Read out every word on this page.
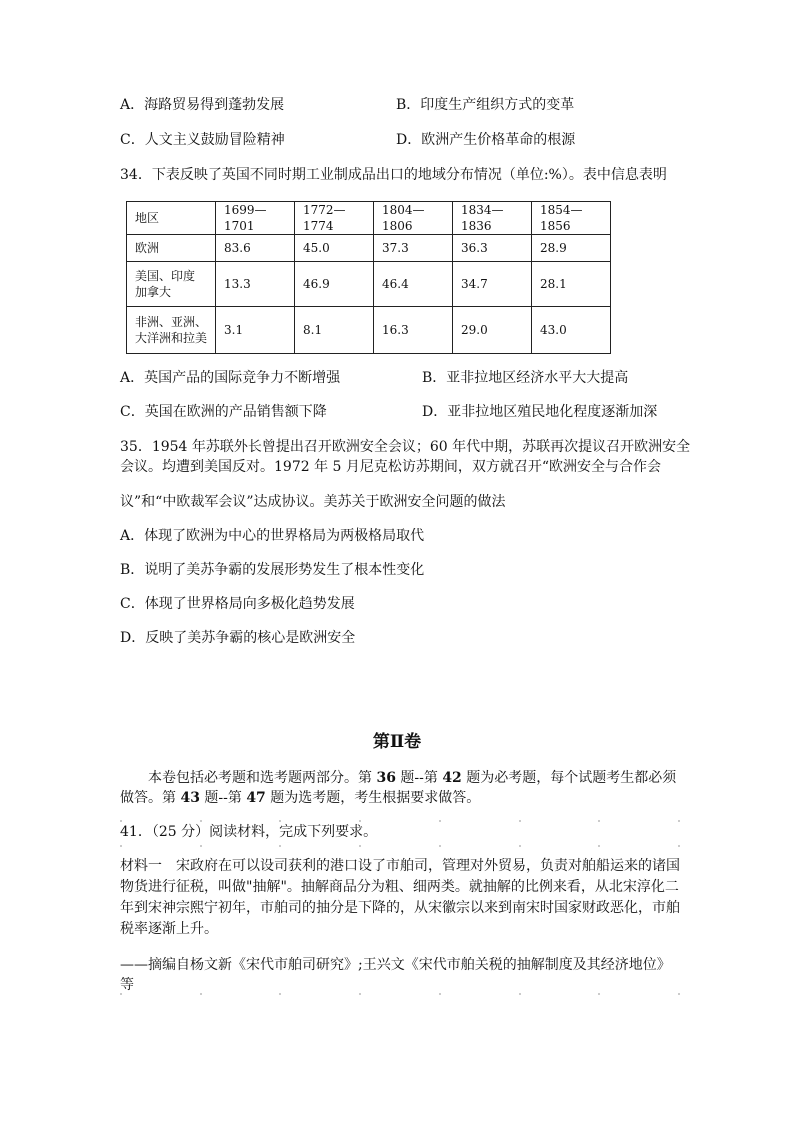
A．海路贸易得到蓬勃发展	B．印度生产组织方式的变革
C．人文主义鼓励冒险精神	D．欧洲产生价格革命的根源
34．下表反映了英国不同时期工业制成品出口的地域分布情况（单位:%）。表中信息表明
地区	1699—1701	1772—1774	1804—1806	1834—1836	1854—1856
欧洲	83.6	45.0	37.3	36.3	28.9

美国、印度
加拿大	13.3	46.9	46.4	34.7	28.1

非洲、亚洲、
大洋洲和拉美	3.1	8.1	16.3	29.0	43.0
A．英国产品的国际竞争力不断增强	B．亚非拉地区经济水平大大提高
C．英国在欧洲的产品销售额下降	D．亚非拉地区殖民地化程度逐渐加深
35．1954 年苏联外长曾提出召开欧洲安全会议；60 年代中期，苏联再次提议召开欧洲安全
会议。均遭到美国反对。1972 年 5 月尼克松访苏期间，双方就召开“欧洲安全与合作会
议”和“中欧裁军会议”达成协议。美苏关于欧洲安全问题的做法
A．体现了欧洲为中心的世界格局为两极格局取代
B．说明了美苏争霸的发展形势发生了根本性变化
C．体现了世界格局向多极化趋势发展
D．反映了美苏争霸的核心是欧洲安全
第Ⅱ卷
本卷包括必考题和选考题两部分。第 36 题--第 42 题为必考题，每个试题考生都必须
做答。第 43 题--第 47 题为选考题，考生根据要求做答。
41．（25 分）阅读材料，完成下列要求。
材料一　宋政府在可以设司获利的港口设了市舶司，管理对外贸易，负责对舶船运来的诸国
物货进行征税，叫做"抽解"。抽解商品分为粗、细两类。就抽解的比例来看，从北宋淳化二
年到宋神宗熙宁初年，市舶司的抽分是下降的，从宋徽宗以来到南宋时国家财政恶化，市舶
税率逐渐上升。
——摘编自杨文新《宋代市舶司研究》;王兴文《宋代市舶关税的抽解制度及其经济地位》
等
